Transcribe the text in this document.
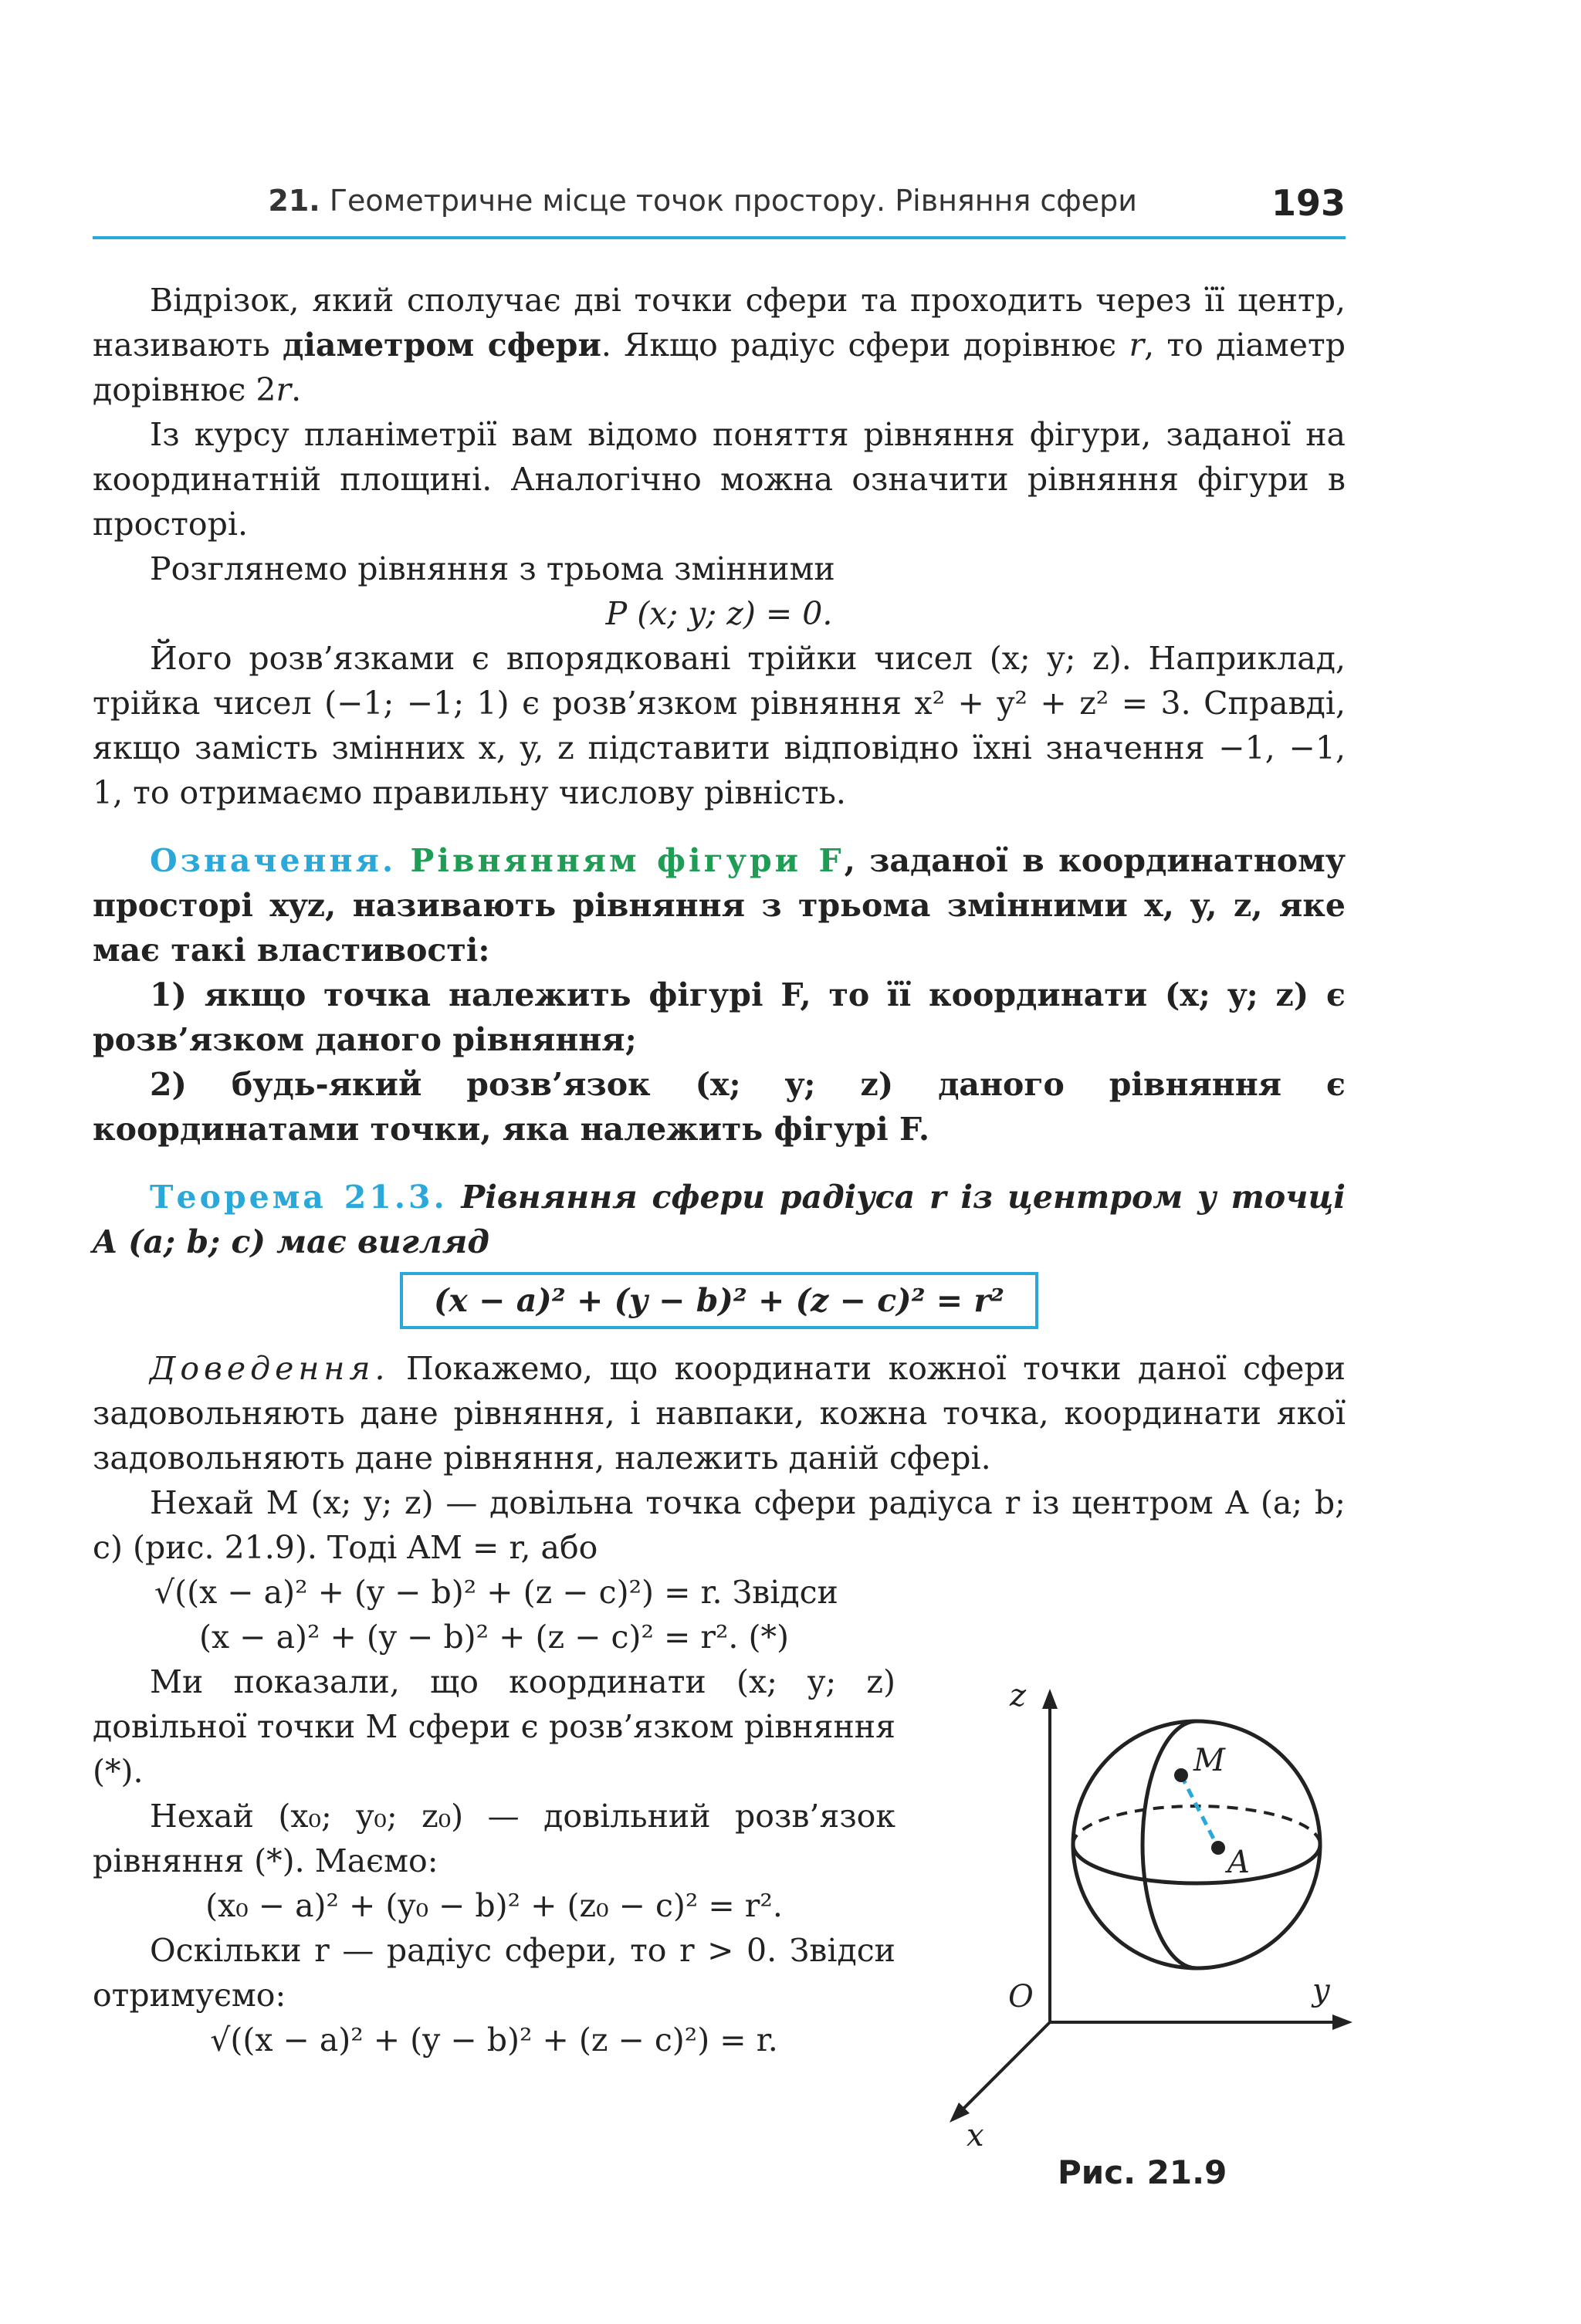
21. Геометричне місце точок простору. Рівняння сфери	193

Відрізок, який сполучає дві точки сфери та проходить через її центр, називають діаметром сфери. Якщо радіус сфери дорівнює r, то діаметр дорівнює 2r.

Із курсу планіметрії вам відомо поняття рівняння фігури, заданої на координатній площині. Аналогічно можна означити рівняння фігури в просторі.

Розглянемо рівняння з трьома змінними

P (x; y; z) = 0.

Його розв’язками є впорядковані трійки чисел (x; y; z). Наприклад, трійка чисел (−1; −1; 1) є розв’язком рівняння x² + y² + z² = 3. Справді, якщо замість змінних x, y, z підставити відповідно їхні значення −1, −1, 1, то отримаємо правильну числову рівність.

Означення. Рівнянням фігури F, заданої в координатному просторі xyz, називають рівняння з трьома змінними x, y, z, яке має такі властивості:

1) якщо точка належить фігурі F, то її координати (x; y; z) є розв’язком даного рівняння;

2) будь-який розв’язок (x; y; z) даного рівняння є координатами точки, яка належить фігурі F.

Теорема 21.3. Рівняння сфери радіуса r із центром у точці A (a; b; c) має вигляд

(x − a)² + (y − b)² + (z − c)² = r²

Доведення. Покажемо, що координати кожної точки даної сфери задовольняють дане рівняння, і навпаки, кожна точка, координати якої задовольняють дане рівняння, належить даній сфері.

Нехай M (x; y; z) — довільна точка сфери радіуса r із центром A (a; b; c) (рис. 21.9). Тоді AM = r, або

√((x − a)² + (y − b)² + (z − c)²) = r. Звідси

(x − a)² + (y − b)² + (z − c)² = r². (*)

Ми показали, що координати (x; y; z) довільної точки M сфери є розв’язком рівняння (*).

Нехай (x₀; y₀; z₀) — довільний розв’язок рівняння (*). Маємо:

(x₀ − a)² + (y₀ − b)² + (z₀ − c)² = r².

Оскільки r — радіус сфери, то r > 0. Звідси отримуємо:

√((x − a)² + (y − b)² + (z − c)²) = r.

z
y
x
O
M
A
Рис. 21.9
